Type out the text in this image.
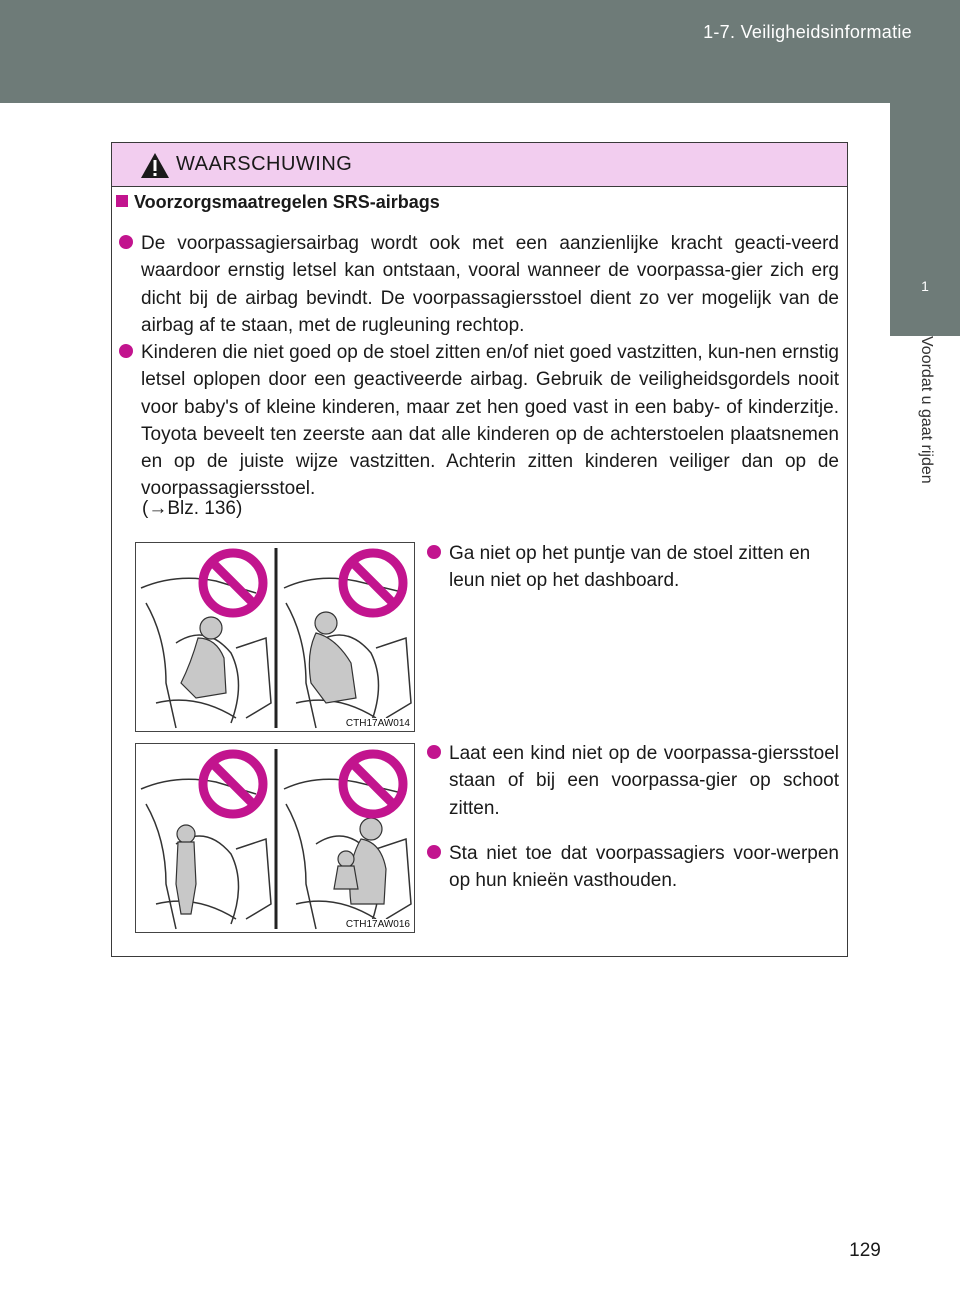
1-7. Veiligheidsinformatie
1
Voordat u gaat rijden
WAARSCHUWING
Voorzorgsmaatregelen SRS-airbags
De voorpassagiersairbag wordt ook met een aanzienlijke kracht geacti-veerd waardoor ernstig letsel kan ontstaan, vooral wanneer de voorpassa-gier zich erg dicht bij de airbag bevindt. De voorpassagiersstoel dient zo ver mogelijk van de airbag af te staan, met de rugleuning rechtop.
Kinderen die niet goed op de stoel zitten en/of niet goed vastzitten, kun-nen ernstig letsel oplopen door een geactiveerde airbag. Gebruik de veiligheidsgordels nooit voor baby's of kleine kinderen, maar zet hen goed vast in een baby- of kinderzitje. Toyota beveelt ten zeerste aan dat alle kinderen op de achterstoelen plaatsnemen en op de juiste wijze vastzitten. Achterin zitten kinderen veiliger dan op de voorpassagiersstoel.
(→Blz. 136)
Ga niet op het puntje van de stoel zitten en leun niet op het dashboard.
Laat een kind niet op de voorpassa-giersstoel staan of bij een voorpassa-gier op schoot zitten.
Sta niet toe dat voorpassagiers voor-werpen op hun knieën vasthouden.
CTH17AW014
CTH17AW016
129
